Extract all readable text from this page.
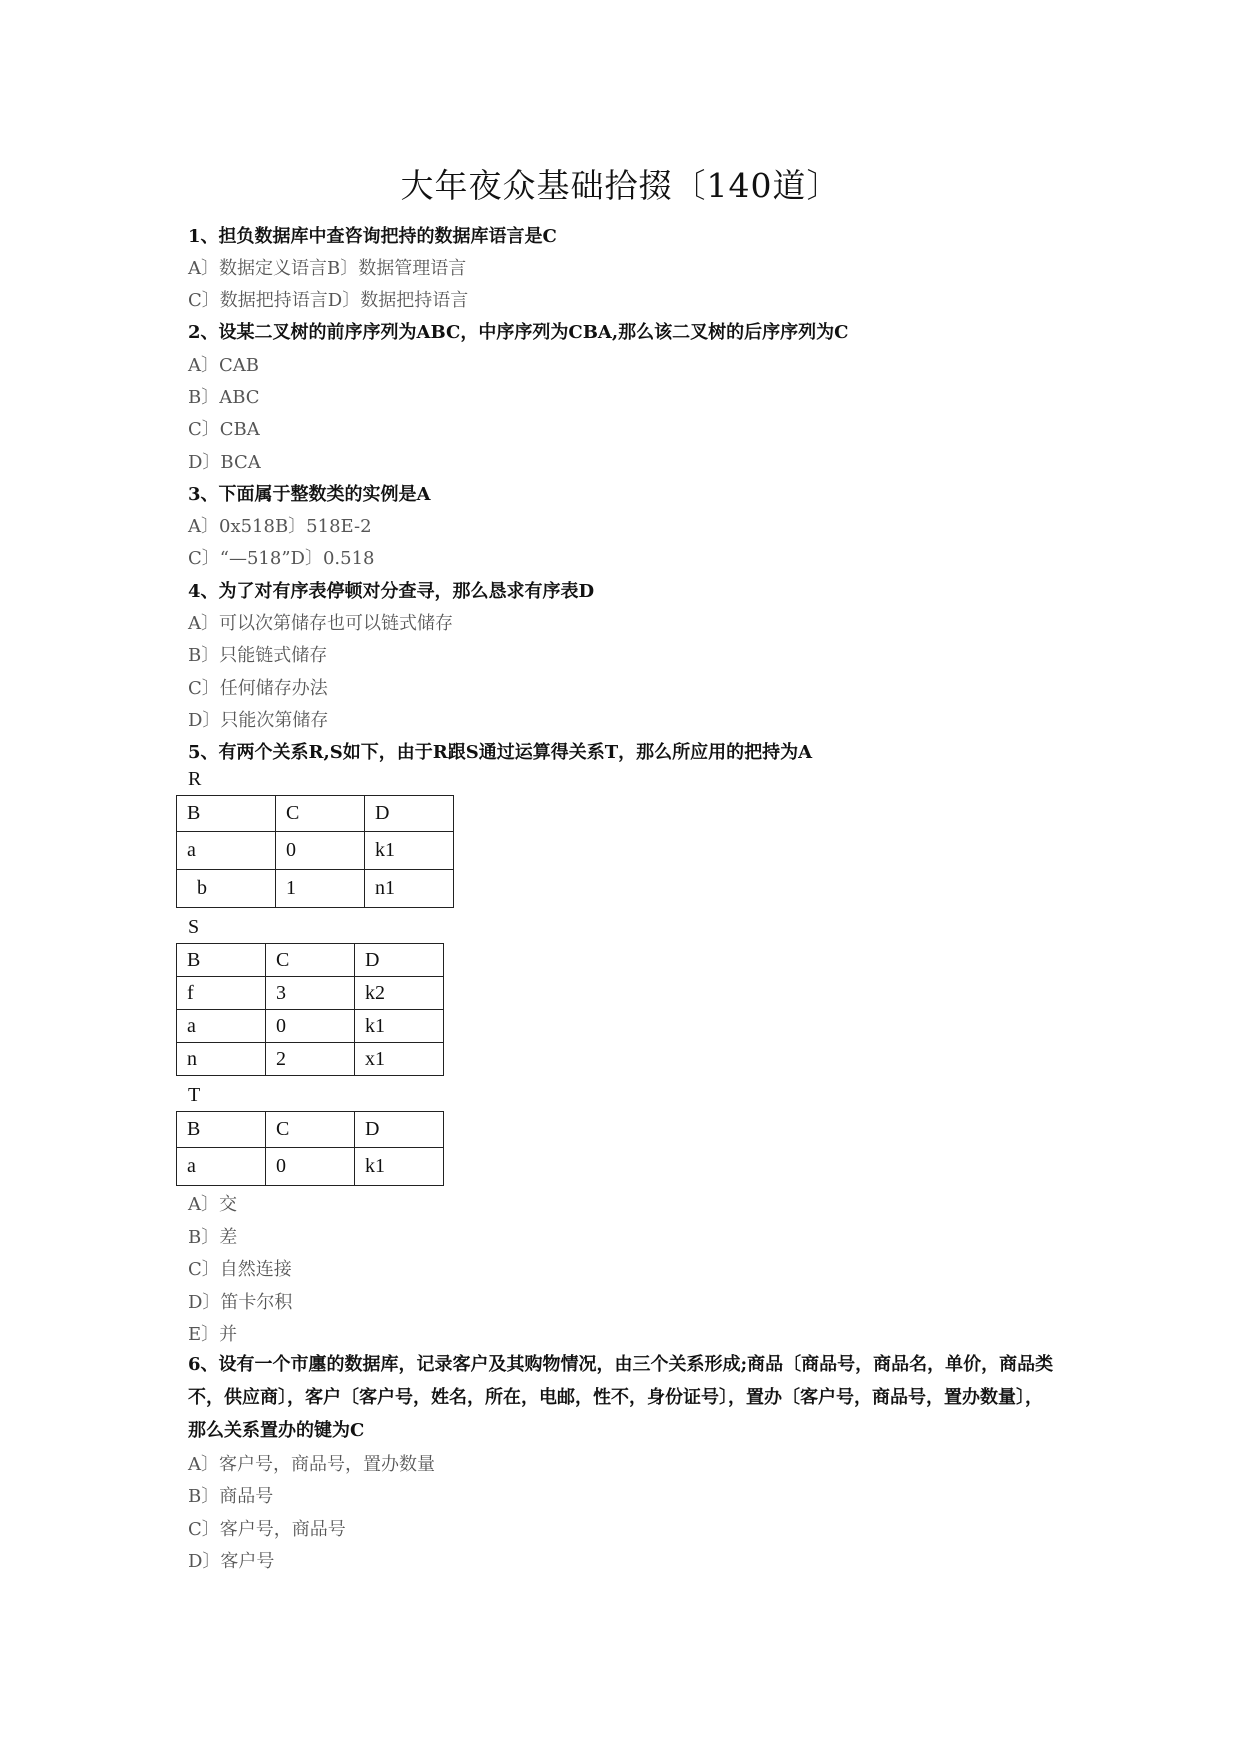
大年夜众基础拾掇〔140道〕
1、担负数据库中查咨询把持的数据库语言是C
A〕数据定义语言B〕数据管理语言
C〕数据把持语言D〕数据把持语言
2、设某二叉树的前序序列为ABC，中序序列为CBA,那么该二叉树的后序序列为C
A〕CAB
B〕ABC
C〕CBA
D〕BCA
3、下面属于整数类的实例是A
A〕0x518B〕518E-2
C〕“—518”D〕0.518
4、为了对有序表停顿对分查寻，那么恳求有序表D
A〕可以次第储存也可以链式储存
B〕只能链式储存
C〕任何储存办法
D〕只能次第储存
5、有两个关系R,S如下，由于R跟S通过运算得关系T，那么所应用的把持为A
R
B	C	D
a	0	k1
b	1	n1
S
B	C	D
f	3	k2
a	0	k1
n	2	x1
T
B	C	D
a	0	k1
A〕交
B〕差
C〕自然连接
D〕笛卡尔积
E〕并
6、设有一个市廛的数据库，记录客户及其购物情况，由三个关系形成;商品〔商品号，商品名，单价，商品类不，供应商〕，客户〔客户号，姓名，所在，电邮，性不，身份证号〕，置办〔客户号，商品号，置办数量〕，那么关系置办的键为C
A〕客户号，商品号，置办数量
B〕商品号
C〕客户号，商品号
D〕客户号
